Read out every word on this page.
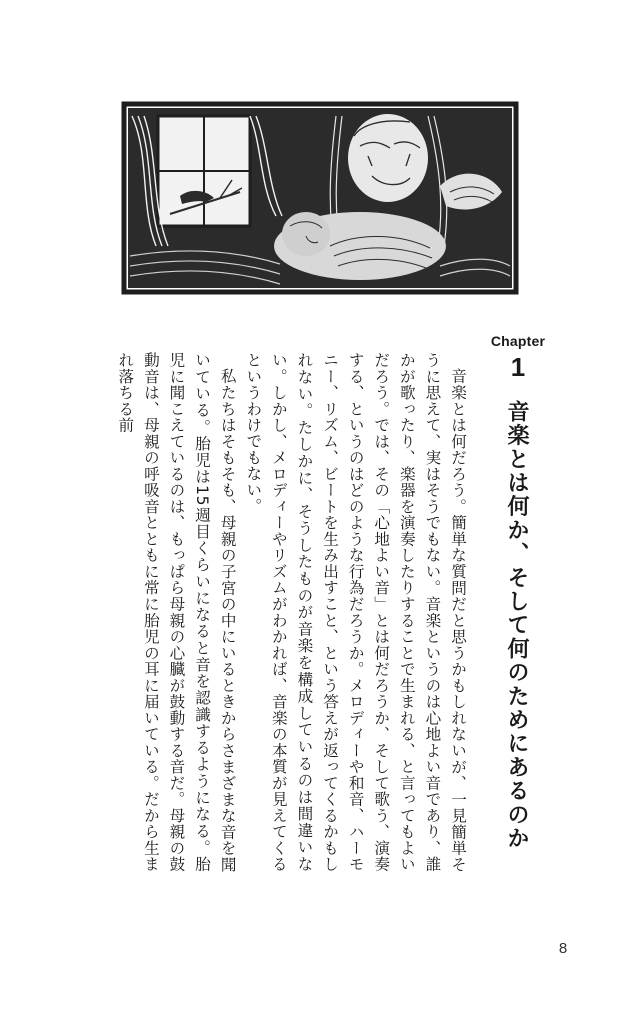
Chapter
1
音楽とは何か、そして何のためにあるのか

音楽とは何だろう。簡単な質問だと思うかもしれないが、一見簡単そうに思えて、実はそうでもない。音楽というのは心地よい音であり、誰かが歌ったり、楽器を演奏したりすることで生まれる、と言ってもよいだろう。では、その「心地よい音」とは何だろうか、そして歌う、演奏する、というのはどのような行為だろうか。メロディーや和音、ハーモニー、リズム、ビートを生み出すこと、という答えが返ってくるかもしれない。たしかに、そうしたものが音楽を構成しているのは間違いない。しかし、メロディーやリズムがわかれば、音楽の本質が見えてくるというわけでもない。

私たちはそもそも、母親の子宮の中にいるときからさまざまな音を聞いている。胎児は15週目くらいになると音を認識するようになる。胎児に聞こえているのは、もっぱら母親の心臓が鼓動する音だ。母親の鼓動音は、母親の呼吸音とともに常に胎児の耳に届いている。だから生まれ落ちる前

8
